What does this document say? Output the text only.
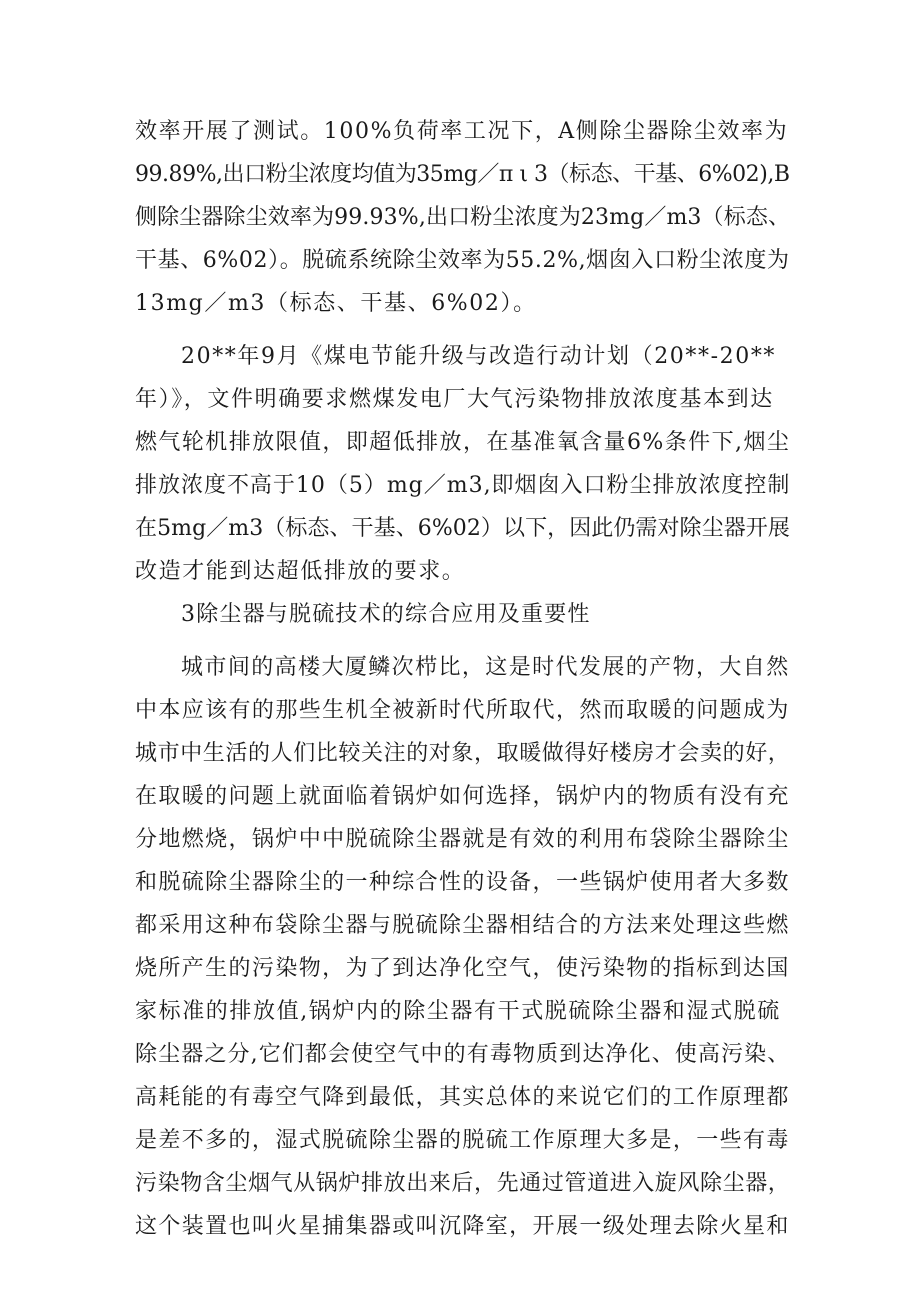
效率开展了测试。100%负荷率工况下，A侧除尘器除尘效率为
99.89%,出口粉尘浓度均值为35mg／π ι 3（标态、干基、6%02),B
侧除尘器除尘效率为99.93%,出口粉尘浓度为23mg／m3（标态、
干基、6%02）。脱硫系统除尘效率为55.2%,烟囱入口粉尘浓度为
13mg／m3（标态、干基、6%02）。
20**年9月《煤电节能升级与改造行动计划（20**-20**
年）》，文件明确要求燃煤发电厂大气污染物排放浓度基本到达
燃气轮机排放限值，即超低排放，在基准氧含量6%条件下,烟尘
排放浓度不高于10（5）mg／m3,即烟囱入口粉尘排放浓度控制
在5mg／m3（标态、干基、6%02）以下，因此仍需对除尘器开展
改造才能到达超低排放的要求。
3除尘器与脱硫技术的综合应用及重要性
城市间的高楼大厦鳞次栉比，这是时代发展的产物，大自然
中本应该有的那些生机全被新时代所取代，然而取暖的问题成为
城市中生活的人们比较关注的对象，取暖做得好楼房才会卖的好，
在取暖的问题上就面临着锅炉如何选择，锅炉内的物质有没有充
分地燃烧，锅炉中中脱硫除尘器就是有效的利用布袋除尘器除尘
和脱硫除尘器除尘的一种综合性的设备，一些锅炉使用者大多数
都采用这种布袋除尘器与脱硫除尘器相结合的方法来处理这些燃
烧所产生的污染物，为了到达净化空气，使污染物的指标到达国
家标准的排放值,锅炉内的除尘器有干式脱硫除尘器和湿式脱硫
除尘器之分,它们都会使空气中的有毒物质到达净化、使高污染、
高耗能的有毒空气降到最低，其实总体的来说它们的工作原理都
是差不多的，湿式脱硫除尘器的脱硫工作原理大多是，一些有毒
污染物含尘烟气从锅炉排放出来后，先通过管道进入旋风除尘器，
这个装置也叫火星捕集器或叫沉降室，开展一级处理去除火星和
